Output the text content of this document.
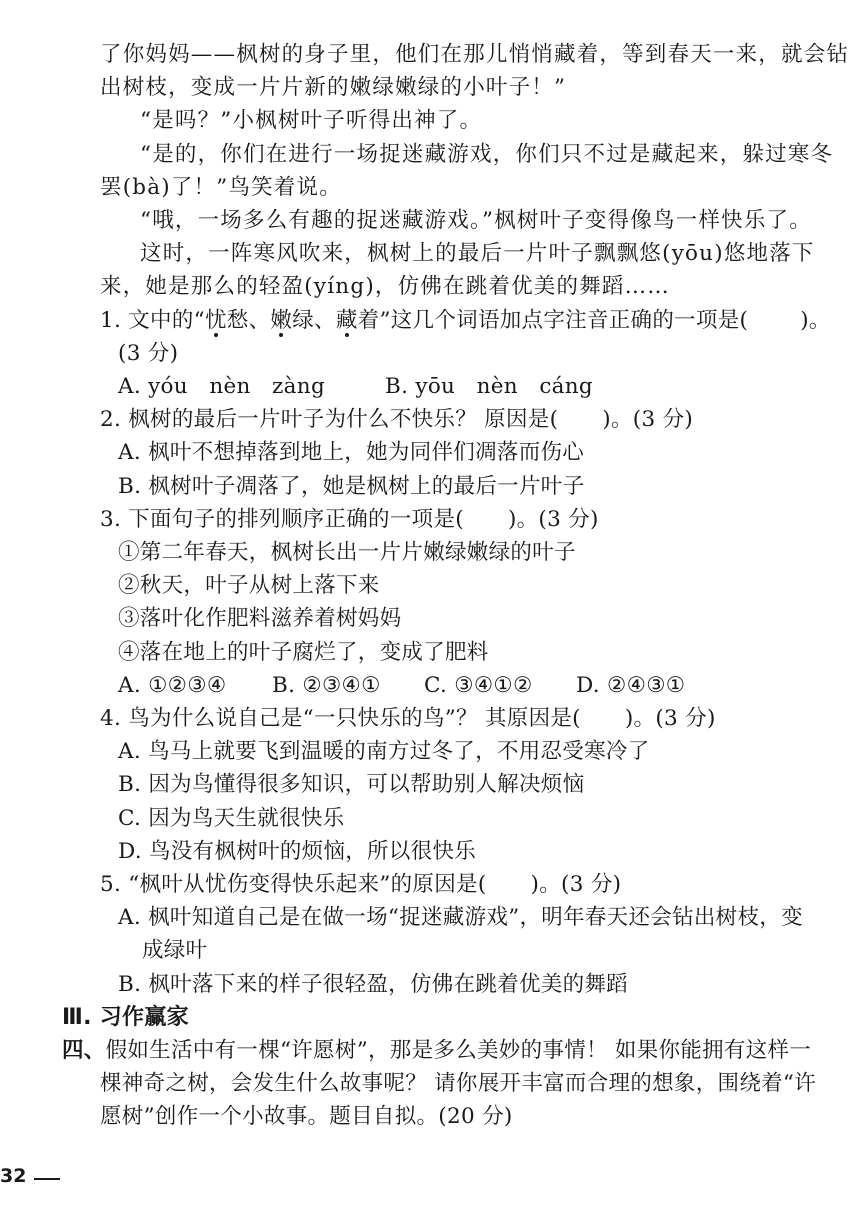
了你妈妈——枫树的身子里，他们在那儿悄悄藏着，等到春天一来，就会钻
出树枝，变成一片片新的嫩绿嫩绿的小叶子！”
“是吗？”小枫树叶子听得出神了。
“是的，你们在进行一场捉迷藏游戏，你们只不过是藏起来，躲过寒冬
罢(bà)了！”鸟笑着说。
“哦，一场多么有趣的捉迷藏游戏。”枫树叶子变得像鸟一样快乐了。
这时，一阵寒风吹来，枫树上的最后一片叶子飘飘悠(yōu)悠地落下
来，她是那么的轻盈(yíng)，仿佛在跳着优美的舞蹈……
1. 文中的“忧愁、嫩绿、藏着”这几个词语加点字注音正确的一项是( )。
(3 分)
A. yóu   nèn   zàng	B. yōu   nèn   cáng
2. 枫树的最后一片叶子为什么不快乐？ 原因是( )。(3 分)
A. 枫叶不想掉落到地上，她为同伴们凋落而伤心
B. 枫树叶子凋落了，她是枫树上的最后一片叶子
3. 下面句子的排列顺序正确的一项是( )。(3 分)
①第二年春天，枫树长出一片片嫩绿嫩绿的叶子
②秋天，叶子从树上落下来
③落叶化作肥料滋养着树妈妈
④落在地上的叶子腐烂了，变成了肥料
A. ①②③④ B. ②③④① C. ③④①② D. ②④③①
4. 鸟为什么说自己是“一只快乐的鸟”？ 其原因是( )。(3 分)
A. 鸟马上就要飞到温暖的南方过冬了，不用忍受寒冷了
B. 因为鸟懂得很多知识，可以帮助别人解决烦恼
C. 因为鸟天生就很快乐
D. 鸟没有枫树叶的烦恼，所以很快乐
5. “枫叶从忧伤变得快乐起来”的原因是( )。(3 分)
A. 枫叶知道自己是在做一场“捉迷藏游戏”，明年春天还会钻出树枝，变
成绿叶
B. 枫叶落下来的样子很轻盈，仿佛在跳着优美的舞蹈
Ⅲ. 习作赢家
四、假如生活中有一棵“许愿树”，那是多么美妙的事情！ 如果你能拥有这样一
32
棵神奇之树，会发生什么故事呢？ 请你展开丰富而合理的想象，围绕着“许
愿树”创作一个小故事。题目自拟。(20 分)
